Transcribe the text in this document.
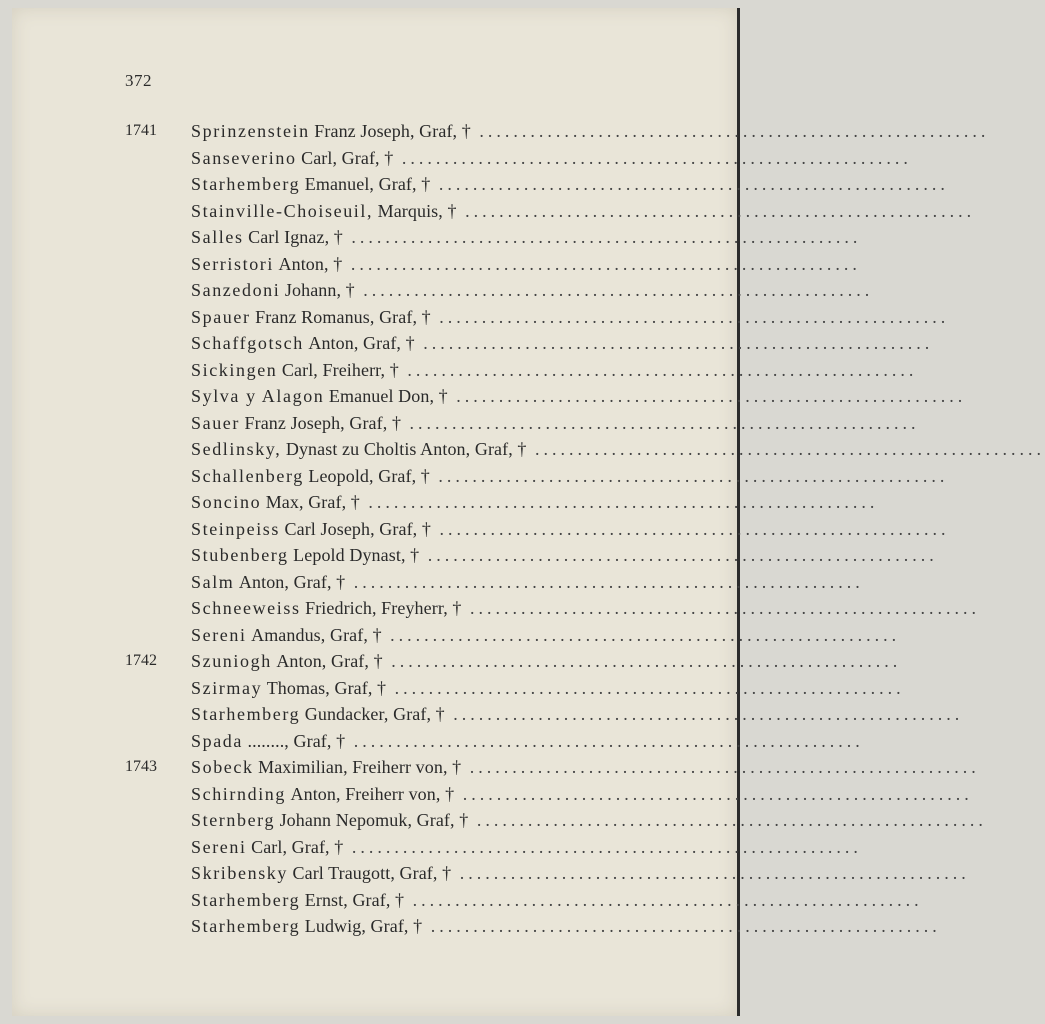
372
1741	Sprinzenstein Franz Joseph, Graf, † ............................................................
Sanseverino Carl, Graf, † ............................................................
Starhemberg Emanuel, Graf, † ............................................................
Stainville-Choiseuil, Marquis, † ............................................................
Salles Carl Ignaz, † ............................................................
Serristori Anton, † ............................................................
Sanzedoni Johann, † ............................................................
Spauer Franz Romanus, Graf, † ............................................................
Schaffgotsch Anton, Graf, † ............................................................
Sickingen Carl, Freiherr, † ............................................................
Sylva y Alagon Emanuel Don, † ............................................................
Sauer Franz Joseph, Graf, † ............................................................
Sedlinsky, Dynast zu Choltis Anton, Graf, † ............................................................
Schallenberg Leopold, Graf, † ............................................................
Soncino Max, Graf, † ............................................................
Steinpeiss Carl Joseph, Graf, † ............................................................
Stubenberg Lepold Dynast, † ............................................................
Salm Anton, Graf, † ............................................................
Schneeweiss Friedrich, Freyherr, † ............................................................
Sereni Amandus, Graf, † ............................................................
1742	Szuniogh Anton, Graf, † ............................................................
Szirmay Thomas, Graf, † ............................................................
Starhemberg Gundacker, Graf, † ............................................................
Spada ........, Graf, † ............................................................
1743	Sobeck Maximilian, Freiherr von, † ............................................................
Schirnding Anton, Freiherr von, † ............................................................
Sternberg Johann Nepomuk, Graf, † ............................................................
Sereni Carl, Graf, † ............................................................
Skribensky Carl Traugott, Graf, † ............................................................
Starhemberg Ernst, Graf, † ............................................................
Starhemberg Ludwig, Graf, † ............................................................
